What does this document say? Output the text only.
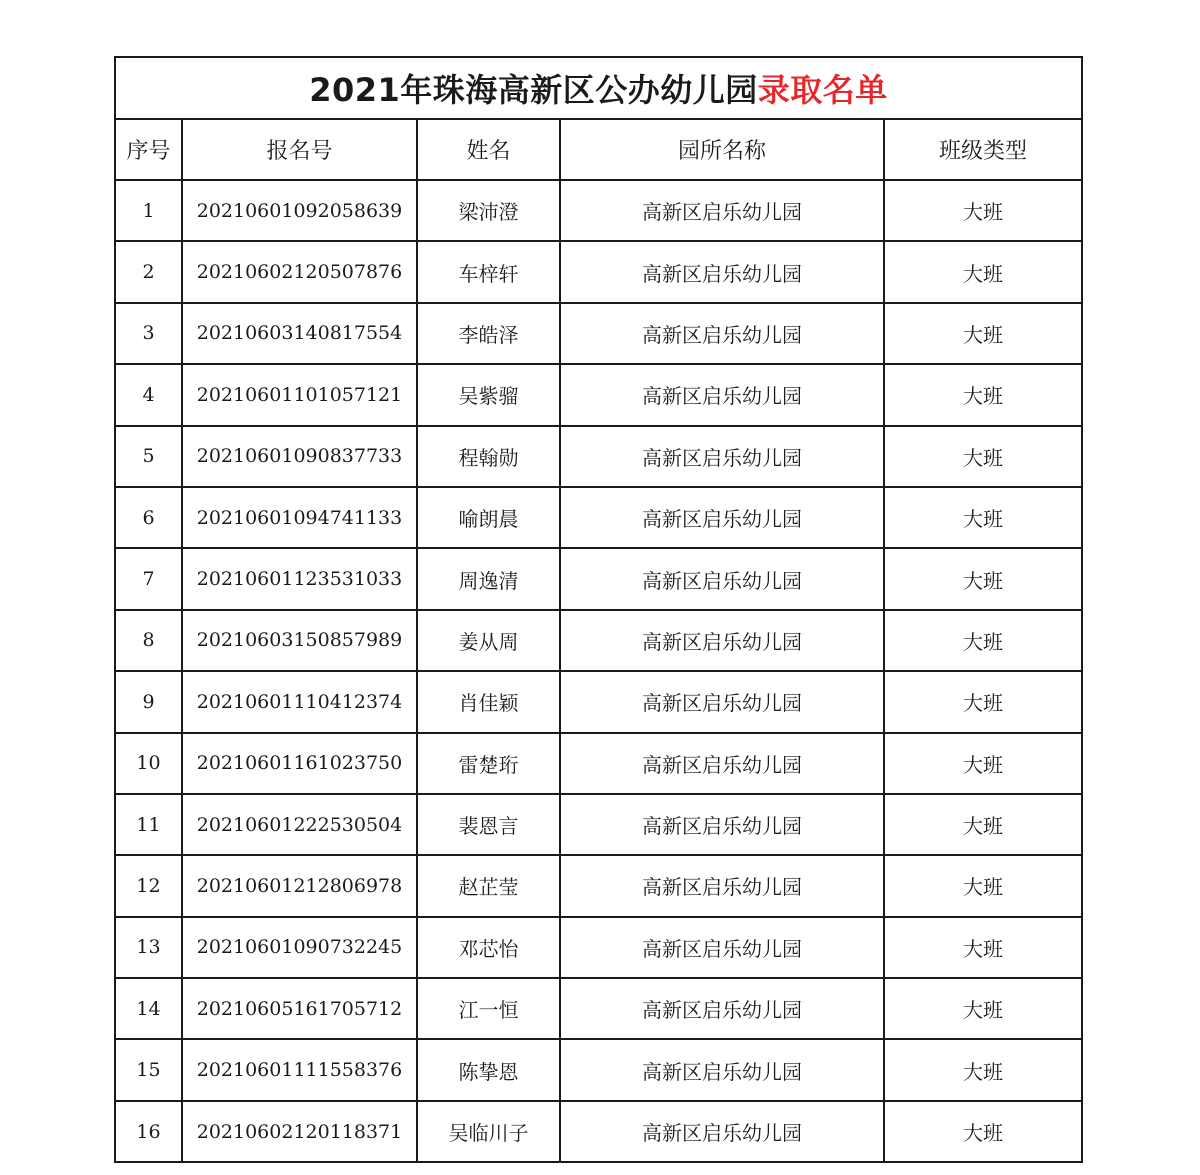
2021年珠海高新区公办幼儿园录取名单				
序号	报名号	姓名	园所名称	班级类型
1	20210601092058639	梁沛澄	高新区启乐幼儿园	大班
2	20210602120507876	车梓轩	高新区启乐幼儿园	大班
3	20210603140817554	李皓泽	高新区启乐幼儿园	大班
4	20210601101057121	吴紫骝	高新区启乐幼儿园	大班
5	20210601090837733	程翰勋	高新区启乐幼儿园	大班
6	20210601094741133	喻朗晨	高新区启乐幼儿园	大班
7	20210601123531033	周逸清	高新区启乐幼儿园	大班
8	20210603150857989	姜从周	高新区启乐幼儿园	大班
9	20210601110412374	肖佳颖	高新区启乐幼儿园	大班
10	20210601161023750	雷楚珩	高新区启乐幼儿园	大班
11	20210601222530504	裴恩言	高新区启乐幼儿园	大班
12	20210601212806978	赵芷莹	高新区启乐幼儿园	大班
13	20210601090732245	邓芯怡	高新区启乐幼儿园	大班
14	20210605161705712	江一恒	高新区启乐幼儿园	大班
15	20210601111558376	陈挚恩	高新区启乐幼儿园	大班
16	20210602120118371	吴临川子	高新区启乐幼儿园	大班
